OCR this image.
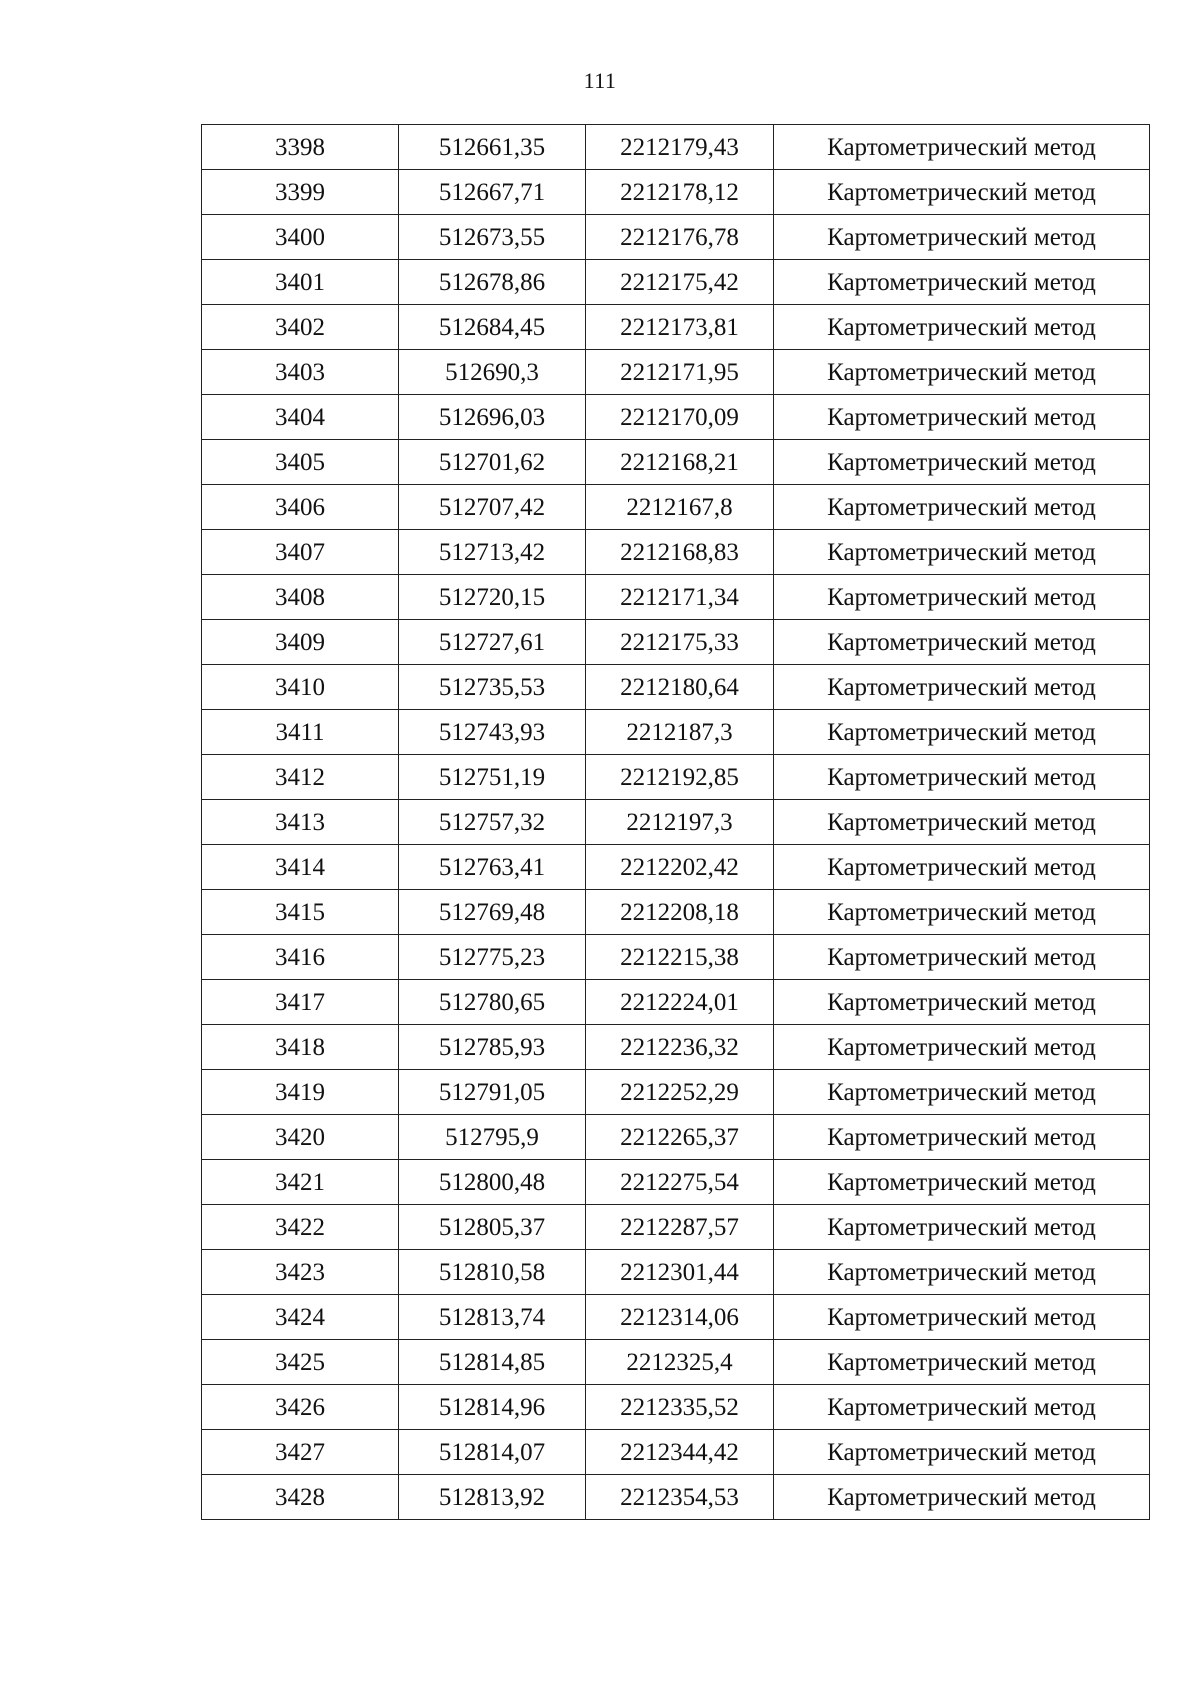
111
3398	512661,35	2212179,43	Картометрический метод
3399	512667,71	2212178,12	Картометрический метод
3400	512673,55	2212176,78	Картометрический метод
3401	512678,86	2212175,42	Картометрический метод
3402	512684,45	2212173,81	Картометрический метод
3403	512690,3	2212171,95	Картометрический метод
3404	512696,03	2212170,09	Картометрический метод
3405	512701,62	2212168,21	Картометрический метод
3406	512707,42	2212167,8	Картометрический метод
3407	512713,42	2212168,83	Картометрический метод
3408	512720,15	2212171,34	Картометрический метод
3409	512727,61	2212175,33	Картометрический метод
3410	512735,53	2212180,64	Картометрический метод
3411	512743,93	2212187,3	Картометрический метод
3412	512751,19	2212192,85	Картометрический метод
3413	512757,32	2212197,3	Картометрический метод
3414	512763,41	2212202,42	Картометрический метод
3415	512769,48	2212208,18	Картометрический метод
3416	512775,23	2212215,38	Картометрический метод
3417	512780,65	2212224,01	Картометрический метод
3418	512785,93	2212236,32	Картометрический метод
3419	512791,05	2212252,29	Картометрический метод
3420	512795,9	2212265,37	Картометрический метод
3421	512800,48	2212275,54	Картометрический метод
3422	512805,37	2212287,57	Картометрический метод
3423	512810,58	2212301,44	Картометрический метод
3424	512813,74	2212314,06	Картометрический метод
3425	512814,85	2212325,4	Картометрический метод
3426	512814,96	2212335,52	Картометрический метод
3427	512814,07	2212344,42	Картометрический метод
3428	512813,92	2212354,53	Картометрический метод
